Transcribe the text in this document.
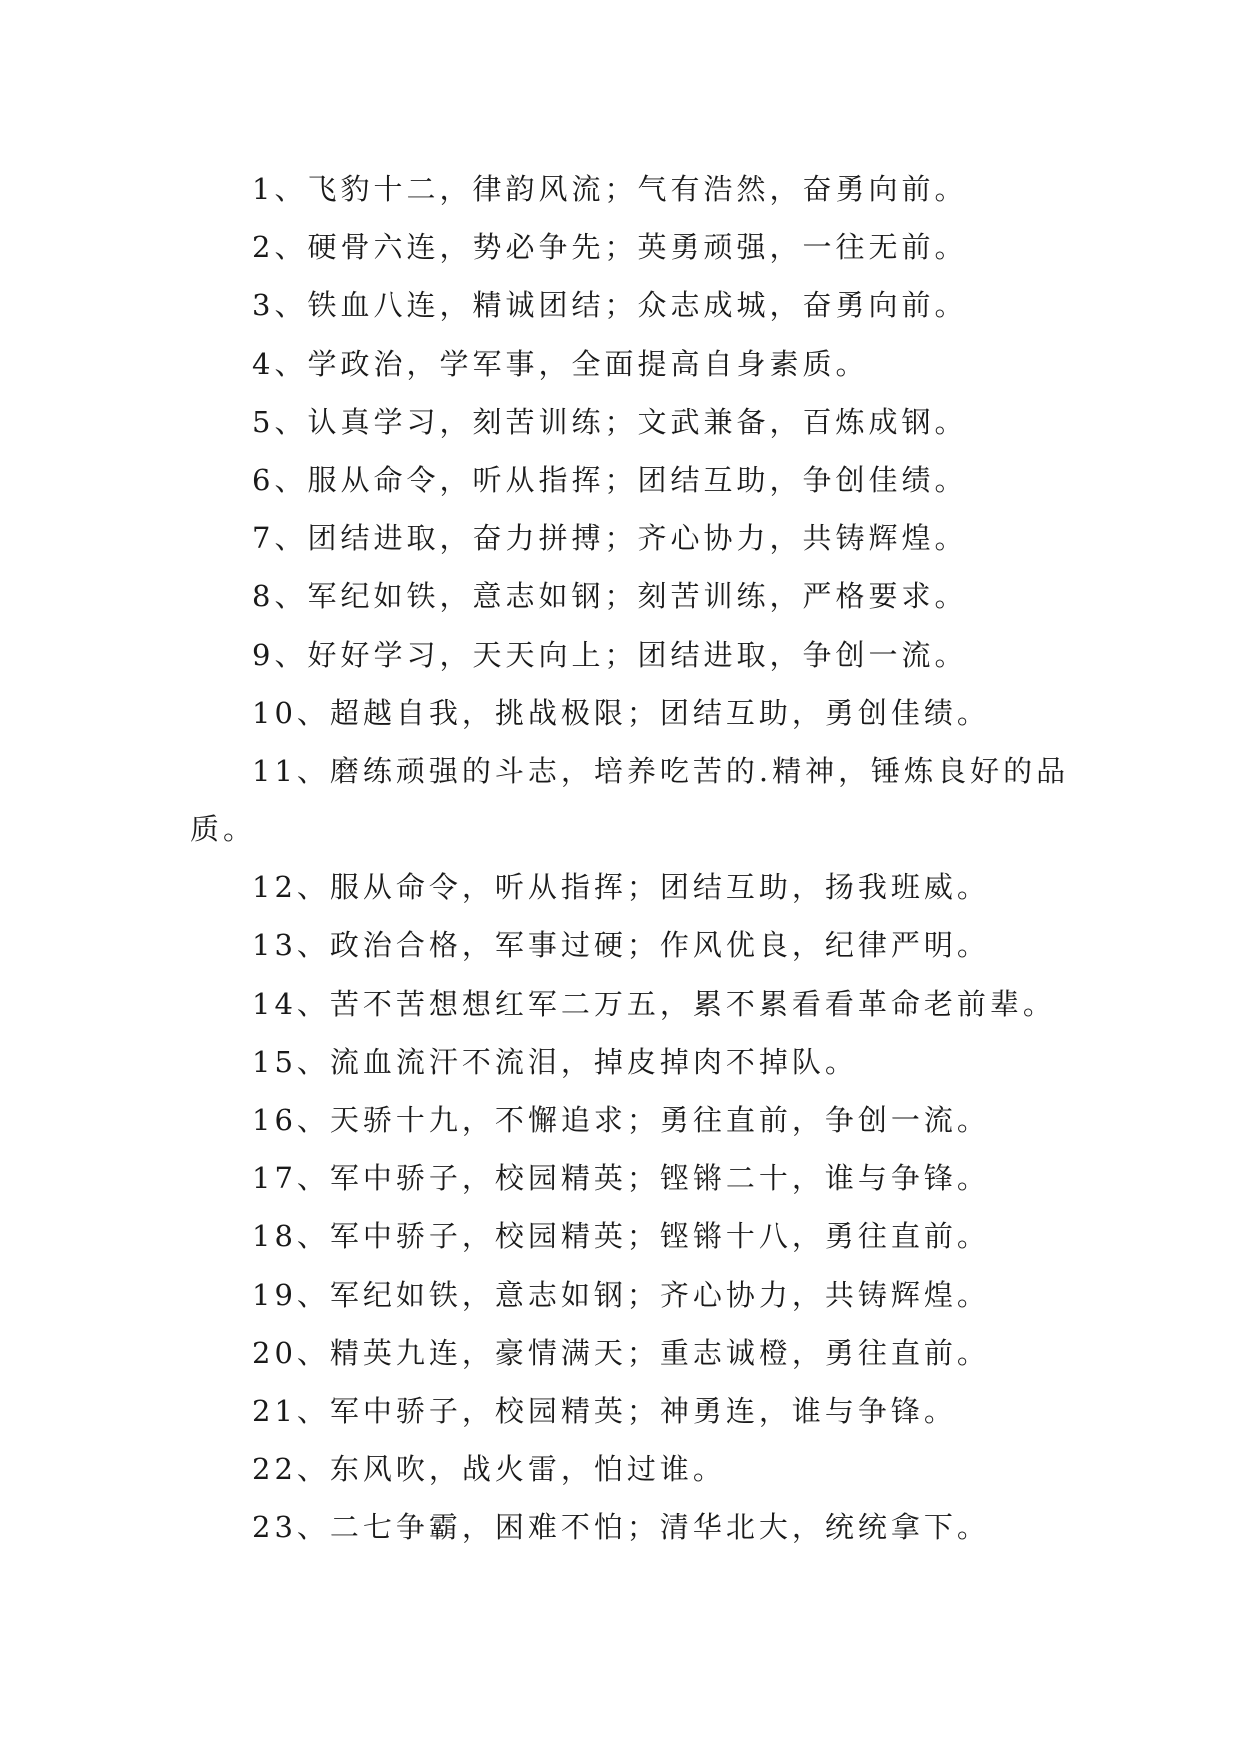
1、飞豹十二，律韵风流；气有浩然，奋勇向前。

2、硬骨六连，势必争先；英勇顽强，一往无前。

3、铁血八连，精诚团结；众志成城，奋勇向前。

4、学政治，学军事，全面提高自身素质。

5、认真学习，刻苦训练；文武兼备，百炼成钢。

6、服从命令，听从指挥；团结互助，争创佳绩。

7、团结进取，奋力拼搏；齐心协力，共铸辉煌。

8、军纪如铁，意志如钢；刻苦训练，严格要求。

9、好好学习，天天向上；团结进取，争创一流。

10、超越自我，挑战极限；团结互助，勇创佳绩。

11、磨练顽强的斗志，培养吃苦的.精神，锤炼良好的品质。

12、服从命令，听从指挥；团结互助，扬我班威。

13、政治合格，军事过硬；作风优良，纪律严明。

14、苦不苦想想红军二万五，累不累看看革命老前辈。

15、流血流汗不流泪，掉皮掉肉不掉队。

16、天骄十九，不懈追求；勇往直前，争创一流。

17、军中骄子，校园精英；铿锵二十，谁与争锋。

18、军中骄子，校园精英；铿锵十八，勇往直前。

19、军纪如铁，意志如钢；齐心协力，共铸辉煌。

20、精英九连，豪情满天；重志诚橙，勇往直前。

21、军中骄子，校园精英；神勇连，谁与争锋。

22、东风吹，战火雷，怕过谁。

23、二七争霸，困难不怕；清华北大，统统拿下。
